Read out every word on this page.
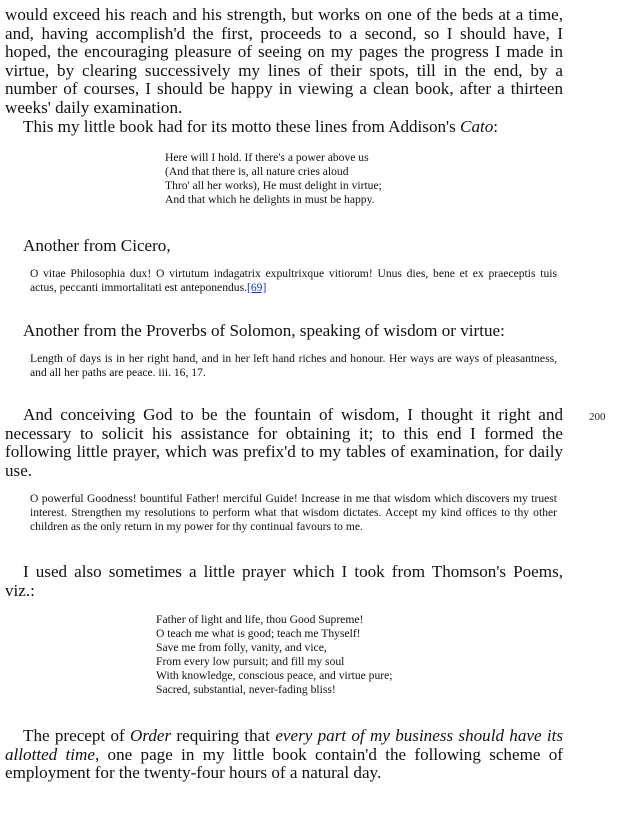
would exceed his reach and his strength, but works on one of the beds at a time, and, having accomplish'd the first, proceeds to a second, so I should have, I hoped, the encouraging pleasure of seeing on my pages the progress I made in virtue, by clearing successively my lines of their spots, till in the end, by a number of courses, I should be happy in viewing a clean book, after a thirteen weeks' daily examination.

This my little book had for its motto these lines from Addison's Cato:

Here will I hold. If there's a power above us
(And that there is, all nature cries aloud
Thro' all her works), He must delight in virtue;
And that which he delights in must be happy.

Another from Cicero,

O vitae Philosophia dux! O virtutum indagatrix expultrixque vitiorum! Unus dies, bene et ex praeceptis tuis actus, peccanti immortalitati est anteponendus.[69]

Another from the Proverbs of Solomon, speaking of wisdom or virtue:

Length of days is in her right hand, and in her left hand riches and honour. Her ways are ways of pleasantness, and all her paths are peace. iii. 16, 17.

And conceiving God to be the fountain of wisdom, I thought it right and necessary to solicit his assistance for obtaining it; to this end I formed the following little prayer, which was prefix'd to my tables of examination, for daily use.

200

O powerful Goodness! bountiful Father! merciful Guide! Increase in me that wisdom which discovers my truest interest. Strengthen my resolutions to perform what that wisdom dictates. Accept my kind offices to thy other children as the only return in my power for thy continual favours to me.

I used also sometimes a little prayer which I took from Thomson's Poems, viz.:

Father of light and life, thou Good Supreme!
O teach me what is good; teach me Thyself!
Save me from folly, vanity, and vice,
From every low pursuit; and fill my soul
With knowledge, conscious peace, and virtue pure;
Sacred, substantial, never-fading bliss!

The precept of Order requiring that every part of my business should have its allotted time, one page in my little book contain'd the following scheme of employment for the twenty-four hours of a natural day.
